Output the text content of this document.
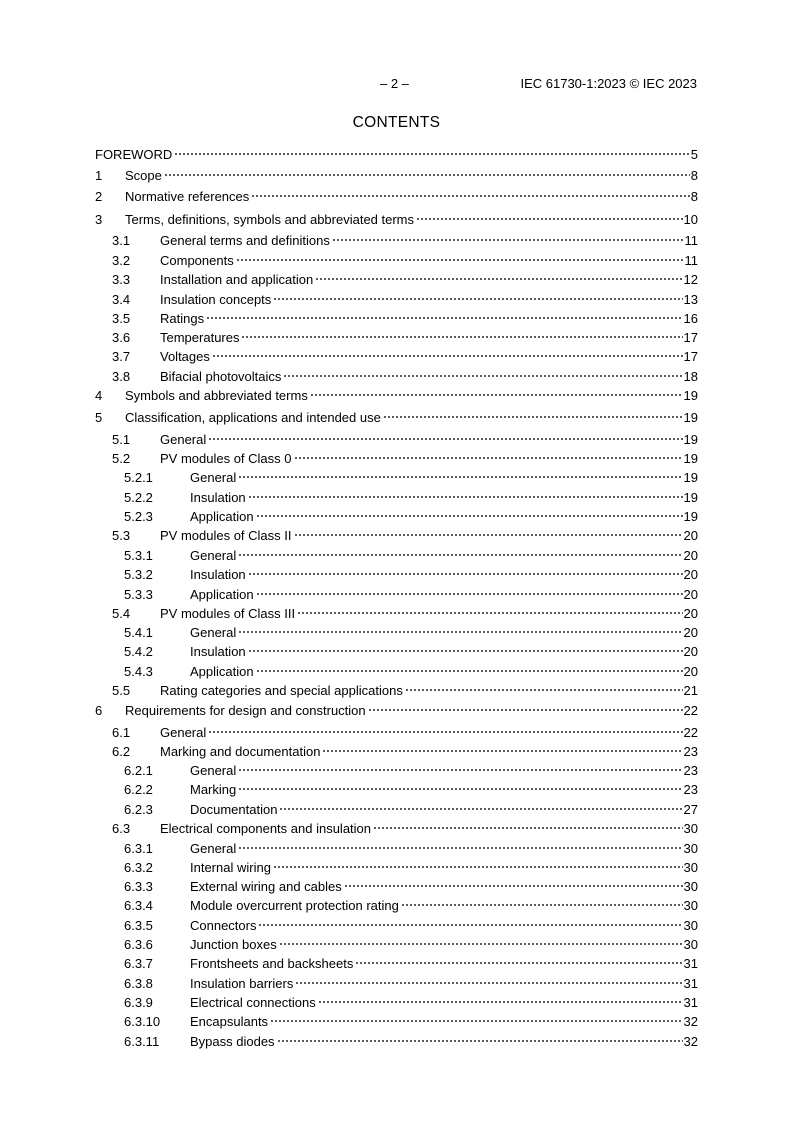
– 2 –	IEC 61730-1:2023 © IEC 2023
CONTENTS
FOREWORD	5
1	Scope	8
2	Normative references	8
3	Terms, definitions, symbols and abbreviated terms	10
3.1	General terms and definitions	11
3.2	Components	11
3.3	Installation and application	12
3.4	Insulation concepts	13
3.5	Ratings	16
3.6	Temperatures	17
3.7	Voltages	17
3.8	Bifacial photovoltaics	18
4	Symbols and abbreviated terms	19
5	Classification, applications and intended use	19
5.1	General	19
5.2	PV modules of Class 0	19
5.2.1	General	19
5.2.2	Insulation	19
5.2.3	Application	19
5.3	PV modules of Class II	20
5.3.1	General	20
5.3.2	Insulation	20
5.3.3	Application	20
5.4	PV modules of Class III	20
5.4.1	General	20
5.4.2	Insulation	20
5.4.3	Application	20
5.5	Rating categories and special applications	21
6	Requirements for design and construction	22
6.1	General	22
6.2	Marking and documentation	23
6.2.1	General	23
6.2.2	Marking	23
6.2.3	Documentation	27
6.3	Electrical components and insulation	30
6.3.1	General	30
6.3.2	Internal wiring	30
6.3.3	External wiring and cables	30
6.3.4	Module overcurrent protection rating	30
6.3.5	Connectors	30
6.3.6	Junction boxes	30
6.3.7	Frontsheets and backsheets	31
6.3.8	Insulation barriers	31
6.3.9	Electrical connections	31
6.3.10	Encapsulants	32
6.3.11	Bypass diodes	32
